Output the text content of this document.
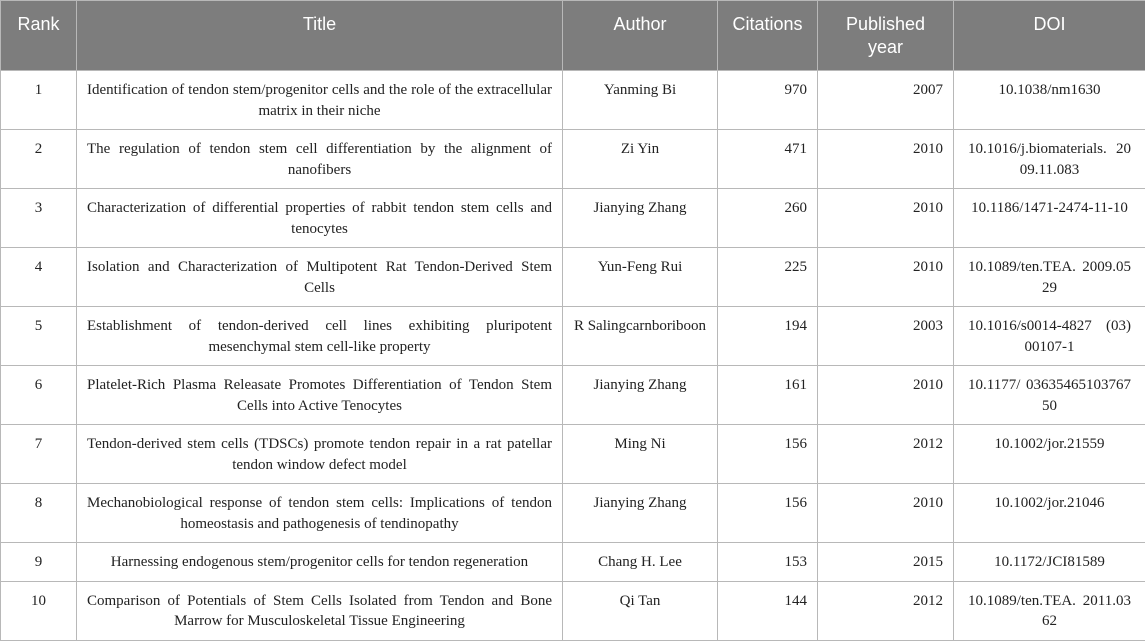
Rank	Title	Author	Citations	Published year	DOI
1	Identification of tendon stem/progenitor cells and the role of the extracellular matrix in their niche	Yanming Bi	970	2007	10.1038/nm1630
2	The regulation of tendon stem cell differentiation by the alignment of nanofibers	Zi Yin	471	2010	10.1016/j.biomaterials. 2009.11.083
3	Characterization of differential properties of rabbit tendon stem cells and tenocytes	Jianying Zhang	260	2010	10.1186/1471-2474-11-10
4	Isolation and Characterization of Multipotent Rat Tendon-Derived Stem Cells	Yun-Feng Rui	225	2010	10.1089/ten.TEA. 2009.0529
5	Establishment of tendon-derived cell lines exhibiting pluripotent mesenchymal stem cell-like property	R Salingcarnboriboon	194	2003	10.1016/s0014-4827 (03) 00107-1
6	Platelet-Rich Plasma Releasate Promotes Differentiation of Tendon Stem Cells into Active Tenocytes	Jianying Zhang	161	2010	10.1177/ 0363546510376750
7	Tendon-derived stem cells (TDSCs) promote tendon repair in a rat patellar tendon window defect model	Ming Ni	156	2012	10.1002/jor.21559
8	Mechanobiological response of tendon stem cells: Implications of tendon homeostasis and pathogenesis of tendinopathy	Jianying Zhang	156	2010	10.1002/jor.21046
9	Harnessing endogenous stem/progenitor cells for tendon regeneration	Chang H. Lee	153	2015	10.1172/JCI81589
10	Comparison of Potentials of Stem Cells Isolated from Tendon and Bone Marrow for Musculoskeletal Tissue Engineering	Qi Tan	144	2012	10.1089/ten.TEA. 2011.0362
